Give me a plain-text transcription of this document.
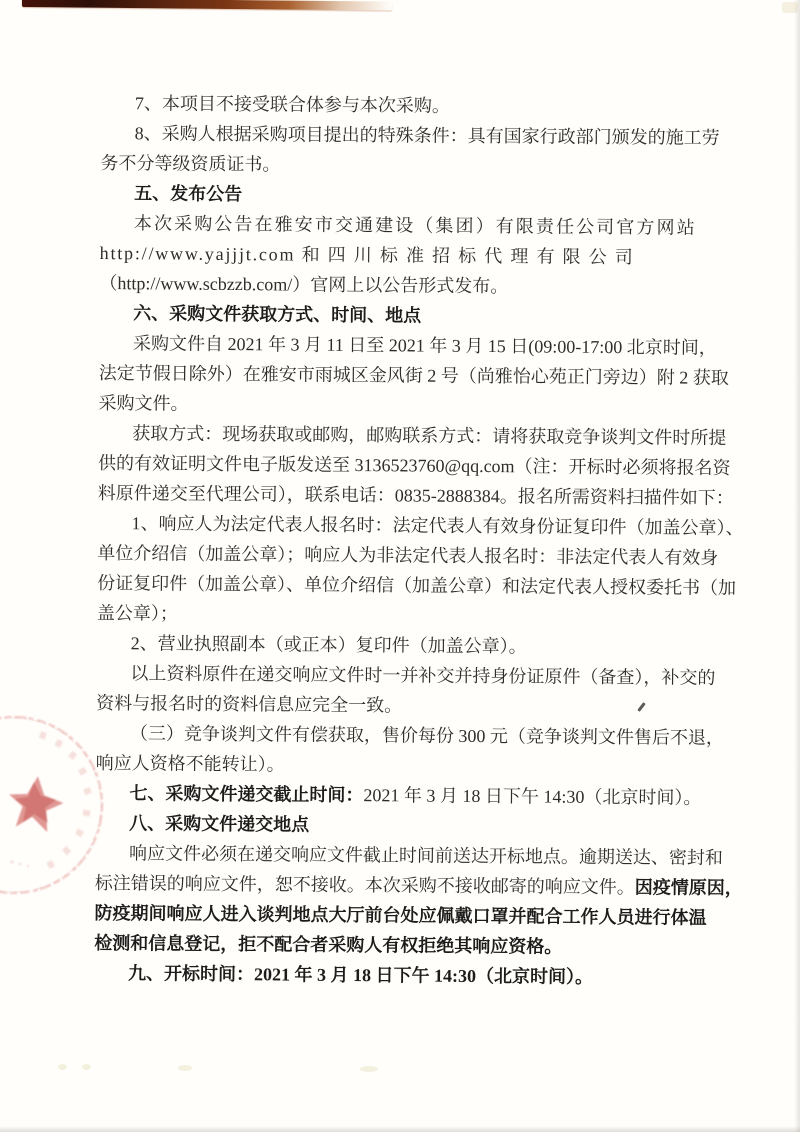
7、本项目不接受联合体参与本次采购。
8、采购人根据采购项目提出的特殊条件：具有国家行政部门颁发的施工劳
务不分等级资质证书。
五、发布公告
本次采购公告在雅安市交通建设（集团）有限责任公司官方网站
http://www.yajjjt.com 和 四 川 标 准 招 标 代 理 有 限 公 司
（http://www.scbzzb.com/）官网上以公告形式发布。
六、采购文件获取方式、时间、地点
采购文件自 2021 年 3 月 11 日至 2021 年 3 月 15 日(09:00-17:00 北京时间，
法定节假日除外）在雅安市雨城区金风街 2 号（尚雅怡心苑正门旁边）附 2 获取
采购文件。
获取方式：现场获取或邮购，邮购联系方式：请将获取竞争谈判文件时所提
供的有效证明文件电子版发送至 3136523760@qq.com（注：开标时必须将报名资
料原件递交至代理公司），联系电话：0835-2888384。报名所需资料扫描件如下：
1、响应人为法定代表人报名时：法定代表人有效身份证复印件（加盖公章）、
单位介绍信（加盖公章）；响应人为非法定代表人报名时：非法定代表人有效身
份证复印件（加盖公章）、单位介绍信（加盖公章）和法定代表人授权委托书（加
盖公章）；
2、营业执照副本（或正本）复印件（加盖公章）。
以上资料原件在递交响应文件时一并补交并持身份证原件（备查），补交的
资料与报名时的资料信息应完全一致。
（三）竞争谈判文件有偿获取，售价每份 300 元（竞争谈判文件售后不退，
响应人资格不能转让）。
七、采购文件递交截止时间：2021 年 3 月 18 日下午 14:30（北京时间）。
八、采购文件递交地点
响应文件必须在递交响应文件截止时间前送达开标地点。逾期送达、密封和
标注错误的响应文件，恕不接收。本次采购不接收邮寄的响应文件。因疫情原因，
防疫期间响应人进入谈判地点大厅前台处应佩戴口罩并配合工作人员进行体温
检测和信息登记，拒不配合者采购人有权拒绝其响应资格。
九、开标时间：2021 年 3 月 18 日下午 14:30（北京时间）。
